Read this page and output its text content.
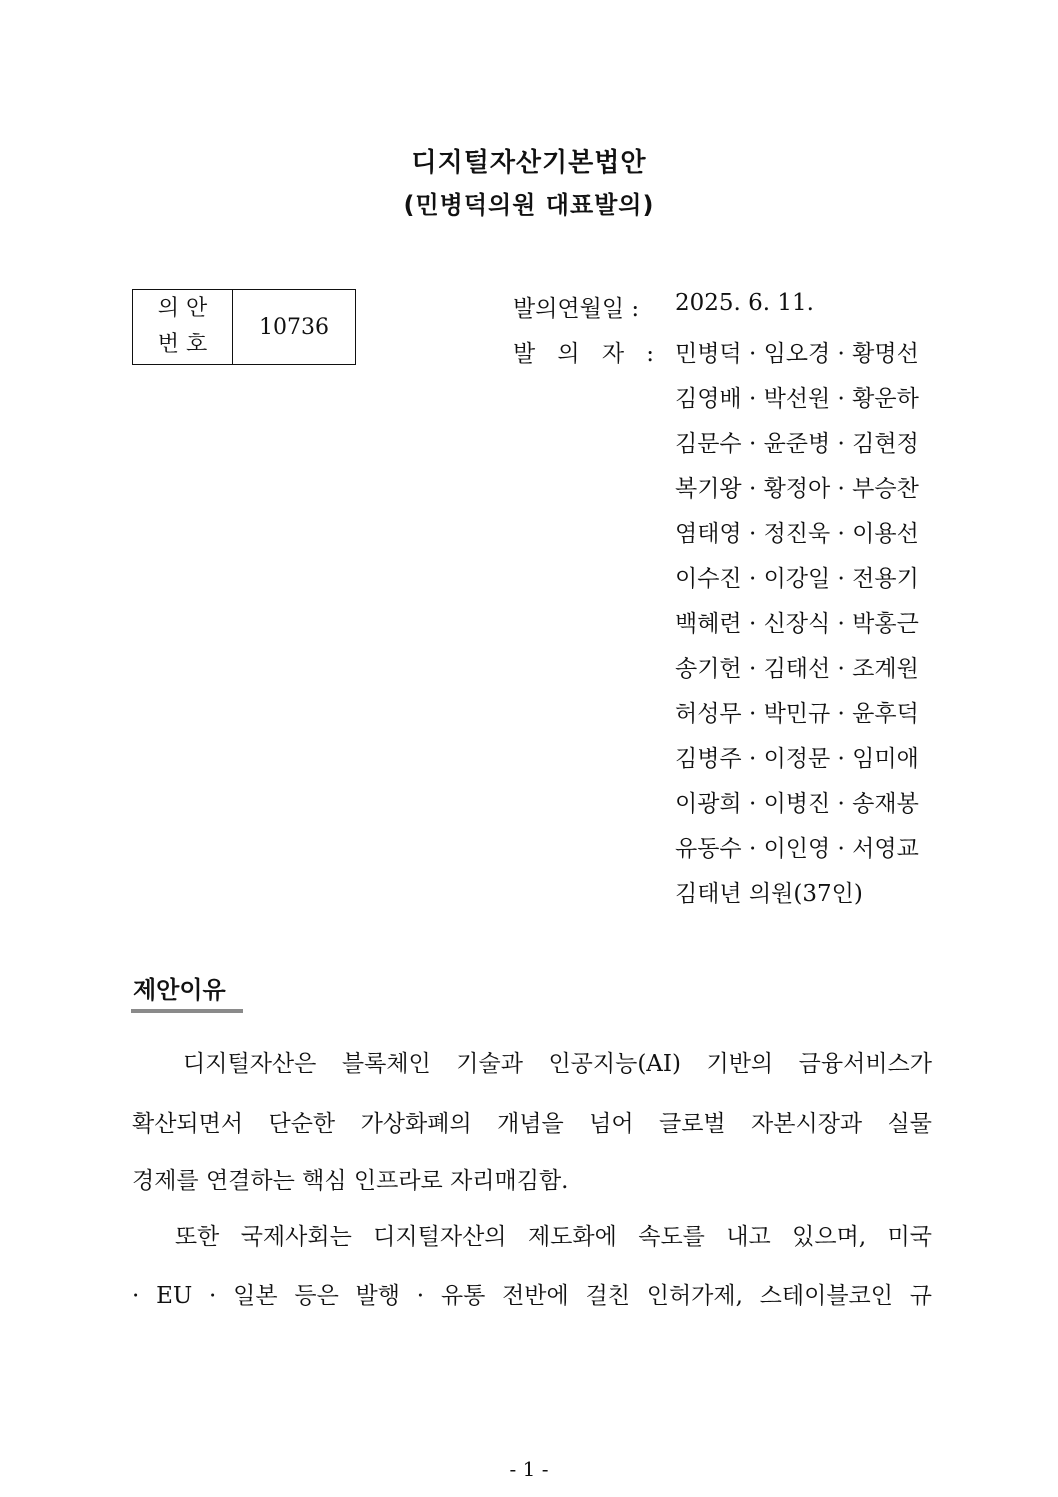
디지털자산기본법안
(민병덕의원 대표발의)
의 안
번 호
	10736
발의연월일 : 2025. 6. 11.
발 의 자 : 민병덕 · 임오경 · 황명선
김영배 · 박선원 · 황운하
김문수 · 윤준병 · 김현정
복기왕 · 황정아 · 부승찬
염태영 · 정진욱 · 이용선
이수진 · 이강일 · 전용기
백혜련 · 신장식 · 박홍근
송기헌 · 김태선 · 조계원
허성무 · 박민규 · 윤후덕
김병주 · 이정문 · 임미애
이광희 · 이병진 · 송재봉
유동수 · 이인영 · 서영교
김태년 의원(37인)
제안이유
디지털자산은 블록체인 기술과 인공지능(AI) 기반의 금융서비스가
확산되면서 단순한 가상화폐의 개념을 넘어 글로벌 자본시장과 실물
경제를 연결하는 핵심 인프라로 자리매김함.
또한 국제사회는 디지털자산의 제도화에 속도를 내고 있으며, 미국
· EU · 일본 등은 발행 · 유통 전반에 걸친 인허가제, 스테이블코인 규
- 1 -
